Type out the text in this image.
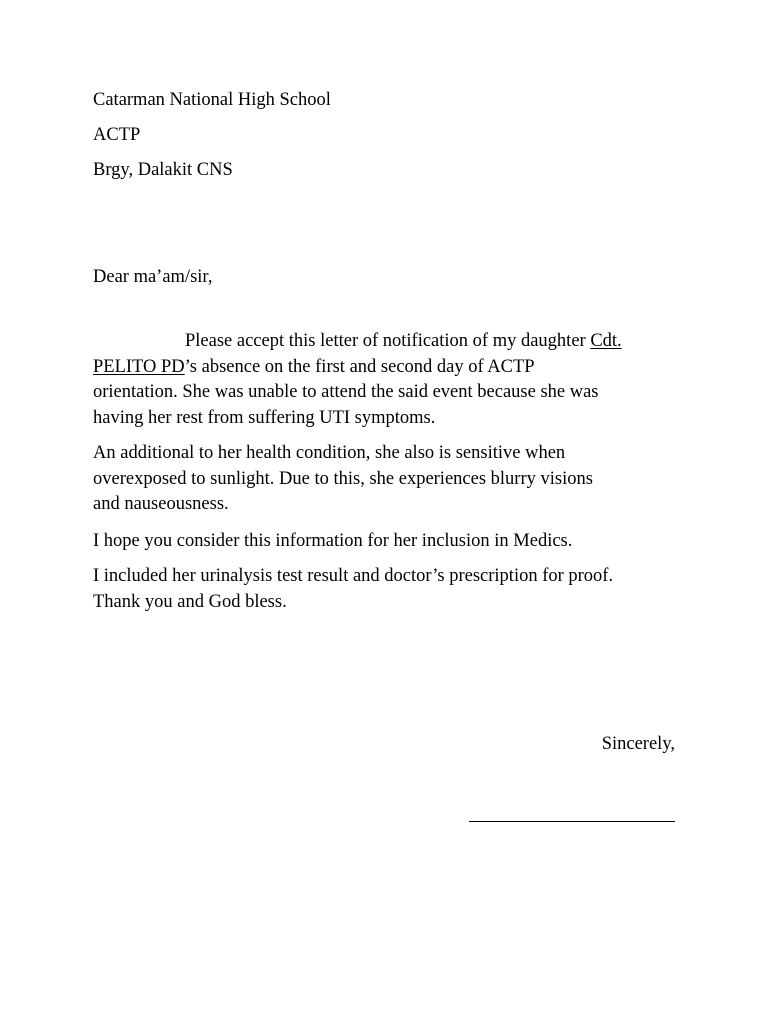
Catarman National High School
ACTP
Brgy, Dalakit CNS
Dear ma’am/sir,
Please accept this letter of notification of my daughter Cdt.
PELITO PD’s absence on the first and second day of ACTP
orientation. She was unable to attend the said event because she was
having her rest from suffering UTI symptoms.
An additional to her health condition, she also is sensitive when
overexposed to sunlight. Due to this, she experiences blurry visions
and nauseousness.
I hope you consider this information for her inclusion in Medics.
I included her urinalysis test result and doctor’s prescription for proof.
Thank you and God bless.
Sincerely,
